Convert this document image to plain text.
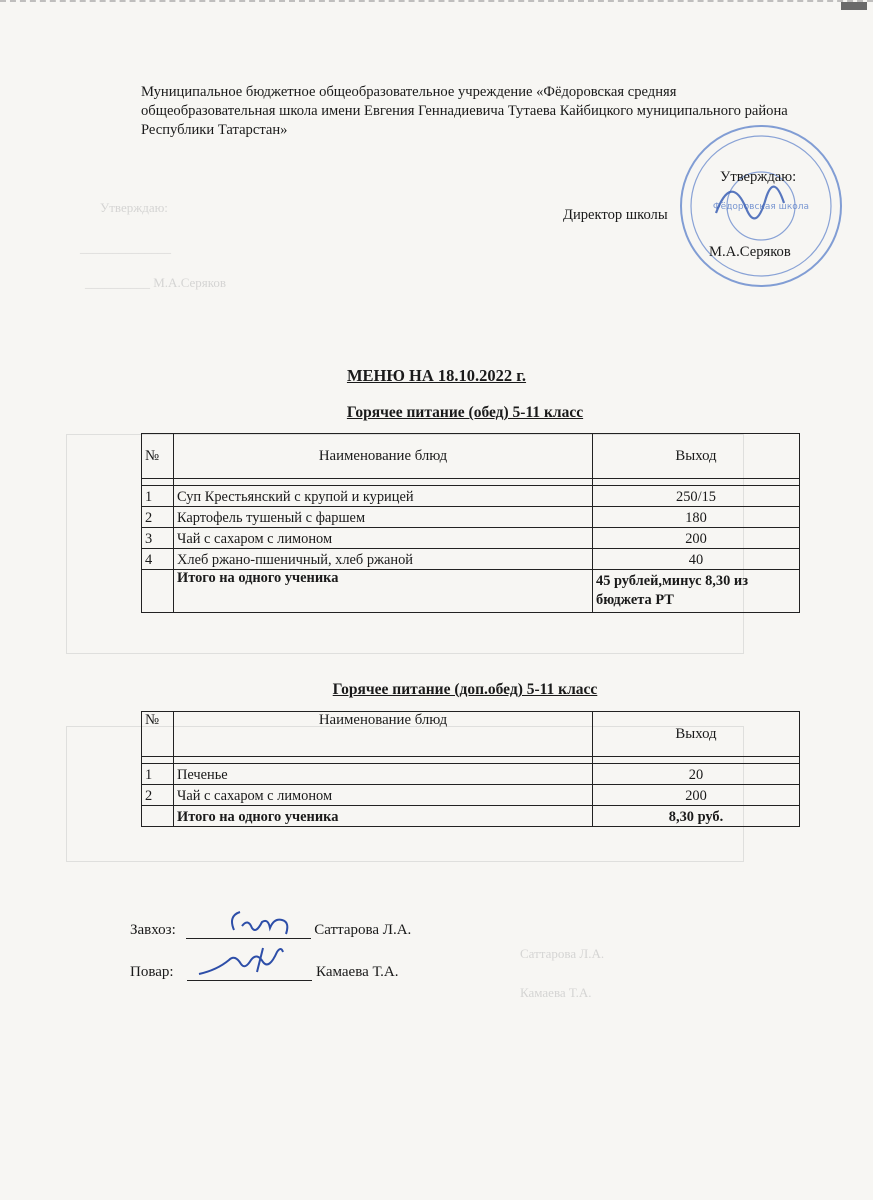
Утверждаю:
______________
__________ М.А.Серяков
Саттарова Л.А.
Камаева Т.А.
Муниципальное бюджетное общеобразовательное учреждение «Фёдоровская средняя общеобразовательная школа имени Евгения Геннадиевича Тутаева Кайбицкого муниципального района Республики Татарстан»
Фёдоровская школа
Утверждаю:
Директор школы
М.А.Серяков
МЕНЮ НА 18.10.2022 г.
Горячее питание (обед) 5-11 класс
№	Наименование блюд	Выход

1	Суп Крестьянский с крупой и курицей	250/15
2	Картофель тушеный с фаршем	180
3	Чай с сахаром с лимоном	200
4	Хлеб ржано-пшеничный, хлеб ржаной	40
	Итого на одного ученика	45 рублей,минус 8,30 из бюджета РТ
Горячее питание (доп.обед) 5-11 класс
№	Наименование блюд	Выход

1	Печенье	20
2	Чай с сахаром с лимоном	200
	Итого на одного ученика	8,30 руб.
Завхоз:	Саттарова Л.А.
Повар:	Камаева Т.А.
